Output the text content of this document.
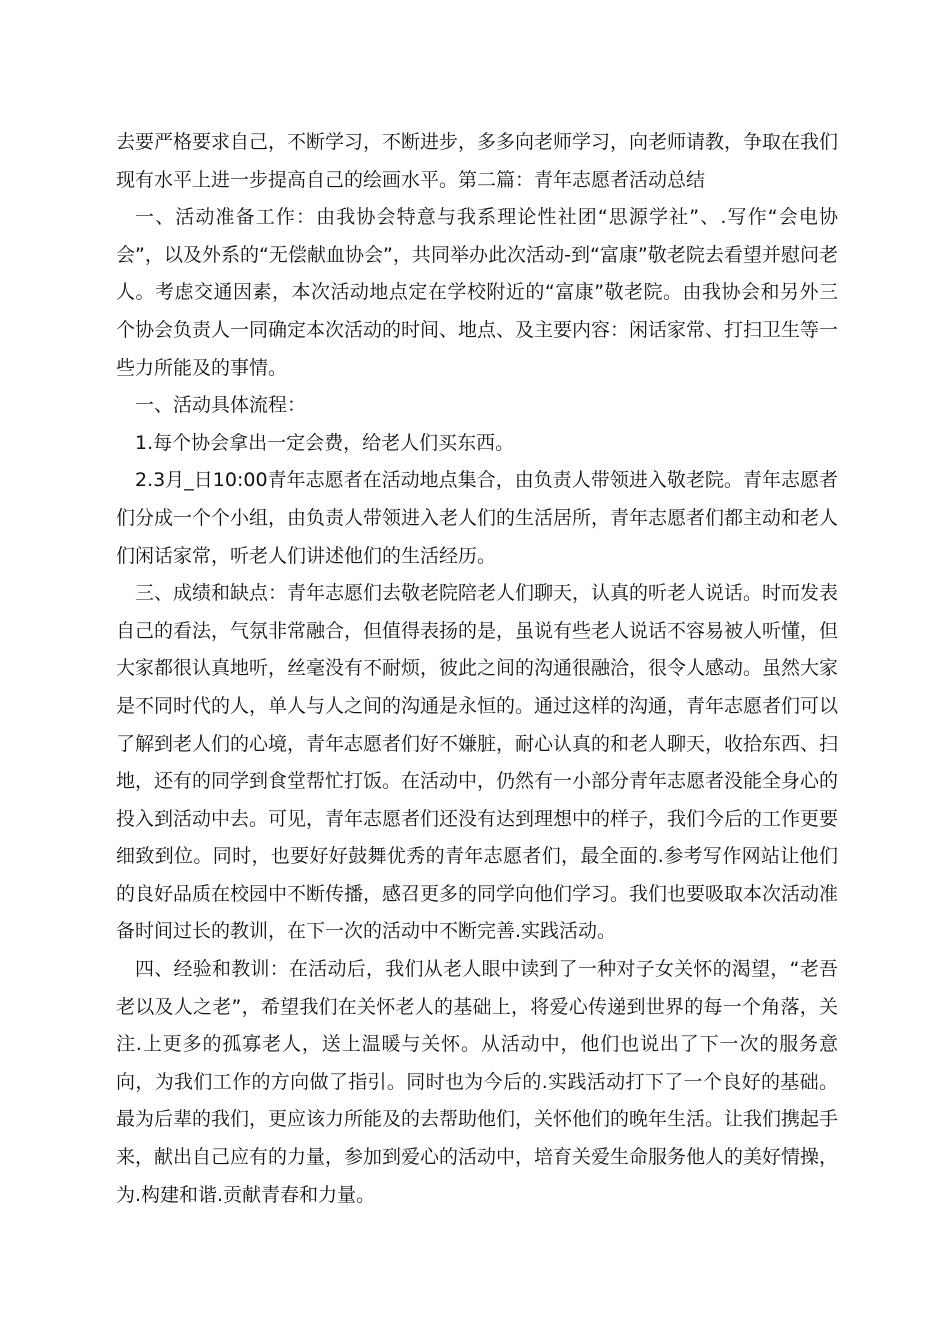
去要严格要求自己，不断学习，不断进步，多多向老师学习，向老师请教，争取在我们现有水平上进一步提高自己的绘画水平。第二篇：青年志愿者活动总结

一、活动准备工作：由我协会特意与我系理论性社团“思源学社”、.写作“会电协会”，以及外系的“无偿献血协会”，共同举办此次活动-到“富康”敬老院去看望并慰问老人。考虑交通因素，本次活动地点定在学校附近的“富康”敬老院。由我协会和另外三个协会负责人一同确定本次活动的时间、地点、及主要内容：闲话家常、打扫卫生等一些力所能及的事情。

一、活动具体流程：

1.每个协会拿出一定会费，给老人们买东西。

2.3月_日10:00青年志愿者在活动地点集合，由负责人带领进入敬老院。青年志愿者们分成一个个小组，由负责人带领进入老人们的生活居所，青年志愿者们都主动和老人们闲话家常，听老人们讲述他们的生活经历。

三、成绩和缺点：青年志愿们去敬老院陪老人们聊天，认真的听老人说话。时而发表自己的看法，气氛非常融合，但值得表扬的是，虽说有些老人说话不容易被人听懂，但大家都很认真地听，丝毫没有不耐烦，彼此之间的沟通很融洽，很令人感动。虽然大家是不同时代的人，单人与人之间的沟通是永恒的。通过这样的沟通，青年志愿者们可以了解到老人们的心境，青年志愿者们好不嫌脏，耐心认真的和老人聊天，收拾东西、扫地，还有的同学到食堂帮忙打饭。在活动中，仍然有一小部分青年志愿者没能全身心的投入到活动中去。可见，青年志愿者们还没有达到理想中的样子，我们今后的工作更要细致到位。同时，也要好好鼓舞优秀的青年志愿者们，最全面的.参考写作网站让他们的良好品质在校园中不断传播，感召更多的同学向他们学习。我们也要吸取本次活动准备时间过长的教训，在下一次的活动中不断完善.实践活动。

四、经验和教训：在活动后，我们从老人眼中读到了一种对子女关怀的渴望，“老吾老以及人之老”，希望我们在关怀老人的基础上，将爱心传递到世界的每一个角落，关注.上更多的孤寡老人，送上温暖与关怀。从活动中，他们也说出了下一次的服务意向，为我们工作的方向做了指引。同时也为今后的.实践活动打下了一个良好的基础。最为后辈的我们，更应该力所能及的去帮助他们，关怀他们的晚年生活。让我们携起手来，献出自己应有的力量，参加到爱心的活动中，培育关爱生命服务他人的美好情操，为.构建和谐.贡献青春和力量。
